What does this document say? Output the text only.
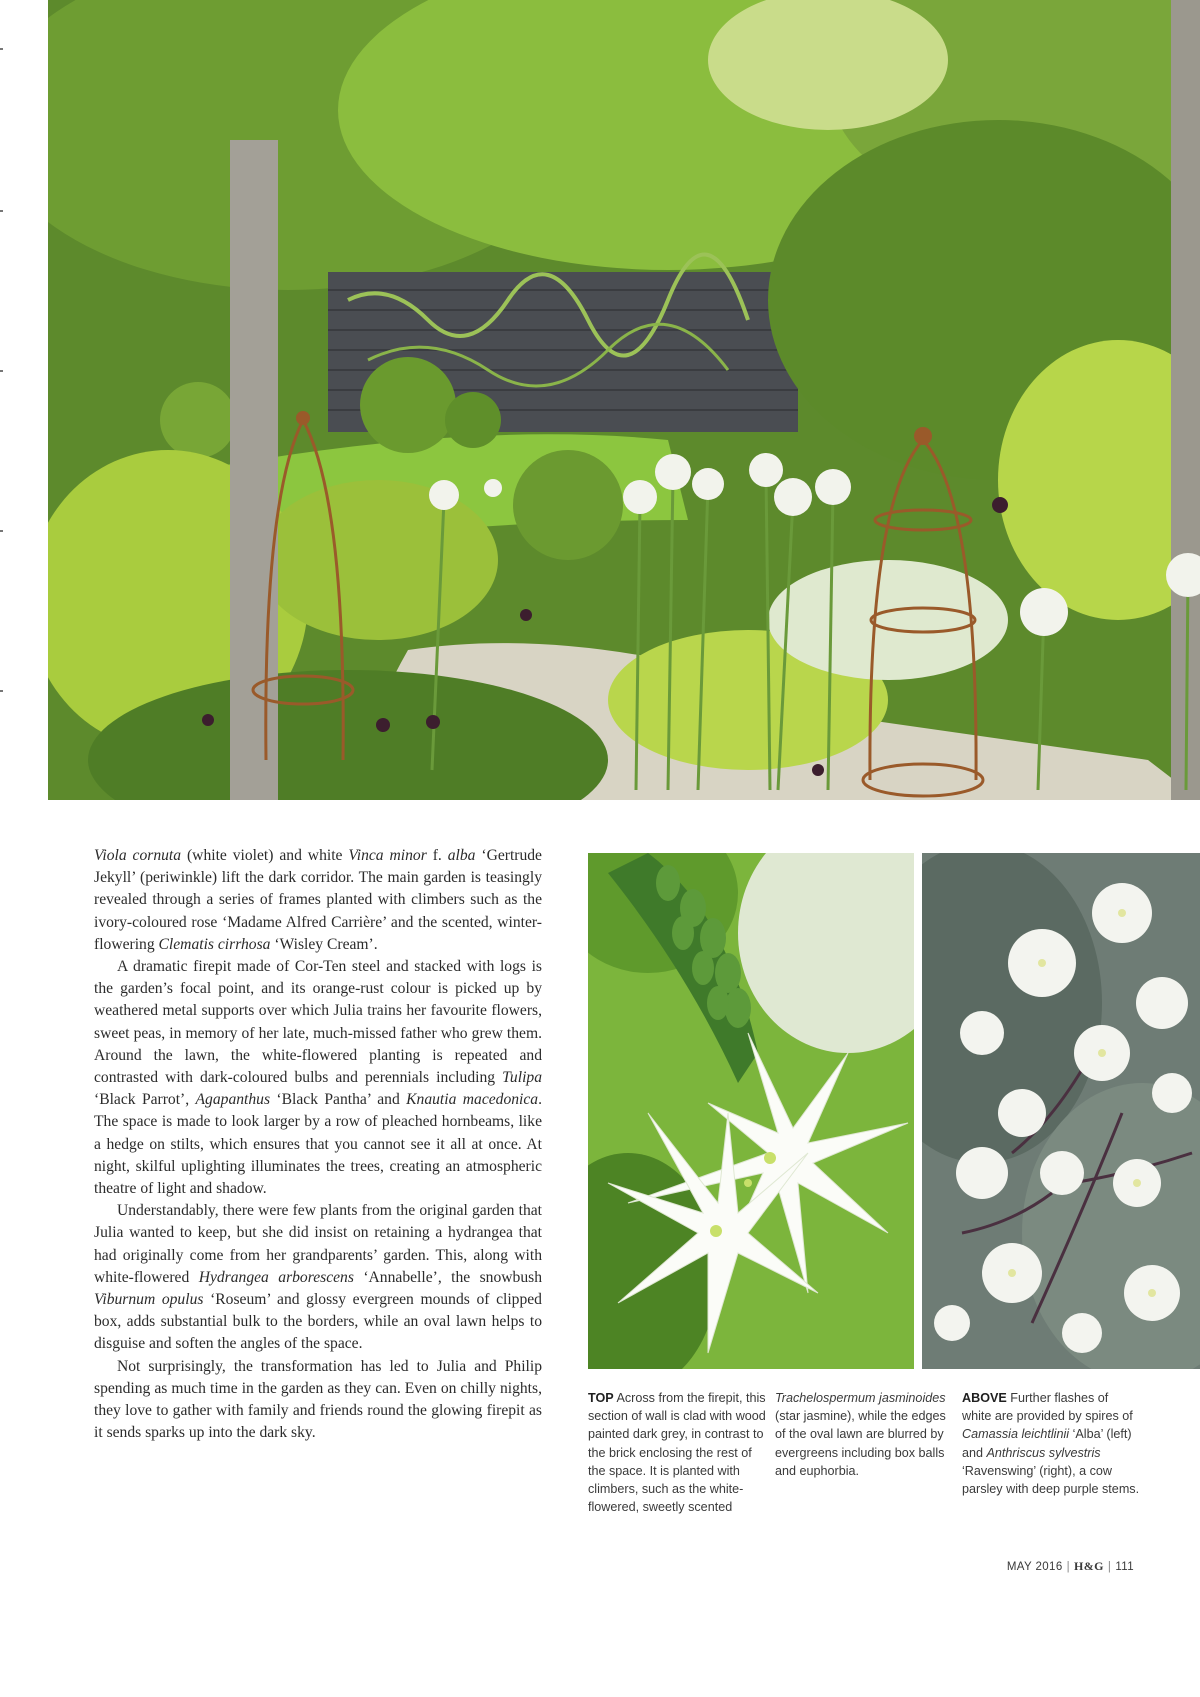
Viola cornuta (white violet) and white Vinca minor f. alba ‘Gertrude Jekyll’ (periwinkle) lift the dark corridor. The main garden is teasingly revealed through a series of frames planted with climbers such as the ivory-coloured rose ‘Madame Alfred Carrière’ and the scented, winter-flowering Clematis cirrhosa ‘Wisley Cream’.

A dramatic firepit made of Cor-Ten steel and stacked with logs is the garden’s focal point, and its orange-rust colour is picked up by weathered metal supports over which Julia trains her favourite flowers, sweet peas, in memory of her late, much-missed father who grew them. Around the lawn, the white-flowered planting is repeated and contrasted with dark-coloured bulbs and perennials including Tulipa ‘Black Parrot’, Agapanthus ‘Black Pantha’ and Knautia macedonica. The space is made to look larger by a row of pleached hornbeams, like a hedge on stilts, which ensures that you cannot see it all at once. At night, skilful uplighting illuminates the trees, creating an atmospheric theatre of light and shadow.

Understandably, there were few plants from the original garden that Julia wanted to keep, but she did insist on retaining a hydrangea that had originally come from her grandparents’ garden. This, along with white-flowered Hydrangea arborescens ‘Annabelle’, the snowbush Viburnum opulus ‘Roseum’ and glossy evergreen mounds of clipped box, adds substantial bulk to the borders, while an oval lawn helps to disguise and soften the angles of the space.

Not surprisingly, the transformation has led to Julia and Philip spending as much time in the garden as they can. Even on chilly nights, they love to gather with family and friends round the glowing firepit as it sends sparks up into the dark sky.

TOP Across from the firepit, this section of wall is clad with wood painted dark grey, in contrast to the brick enclosing the rest of the space. It is planted with climbers, such as the white-flowered, sweetly scented
Trachelospermum jasminoides (star jasmine), while the edges of the oval lawn are blurred by evergreens including box balls and euphorbia.
ABOVE Further flashes of white are provided by spires of Camassia leichtlinii ‘Alba’ (left) and Anthriscus sylvestris ‘Ravenswing’ (right), a cow parsley with deep purple stems.
MAY 2016 | H&G | 111
